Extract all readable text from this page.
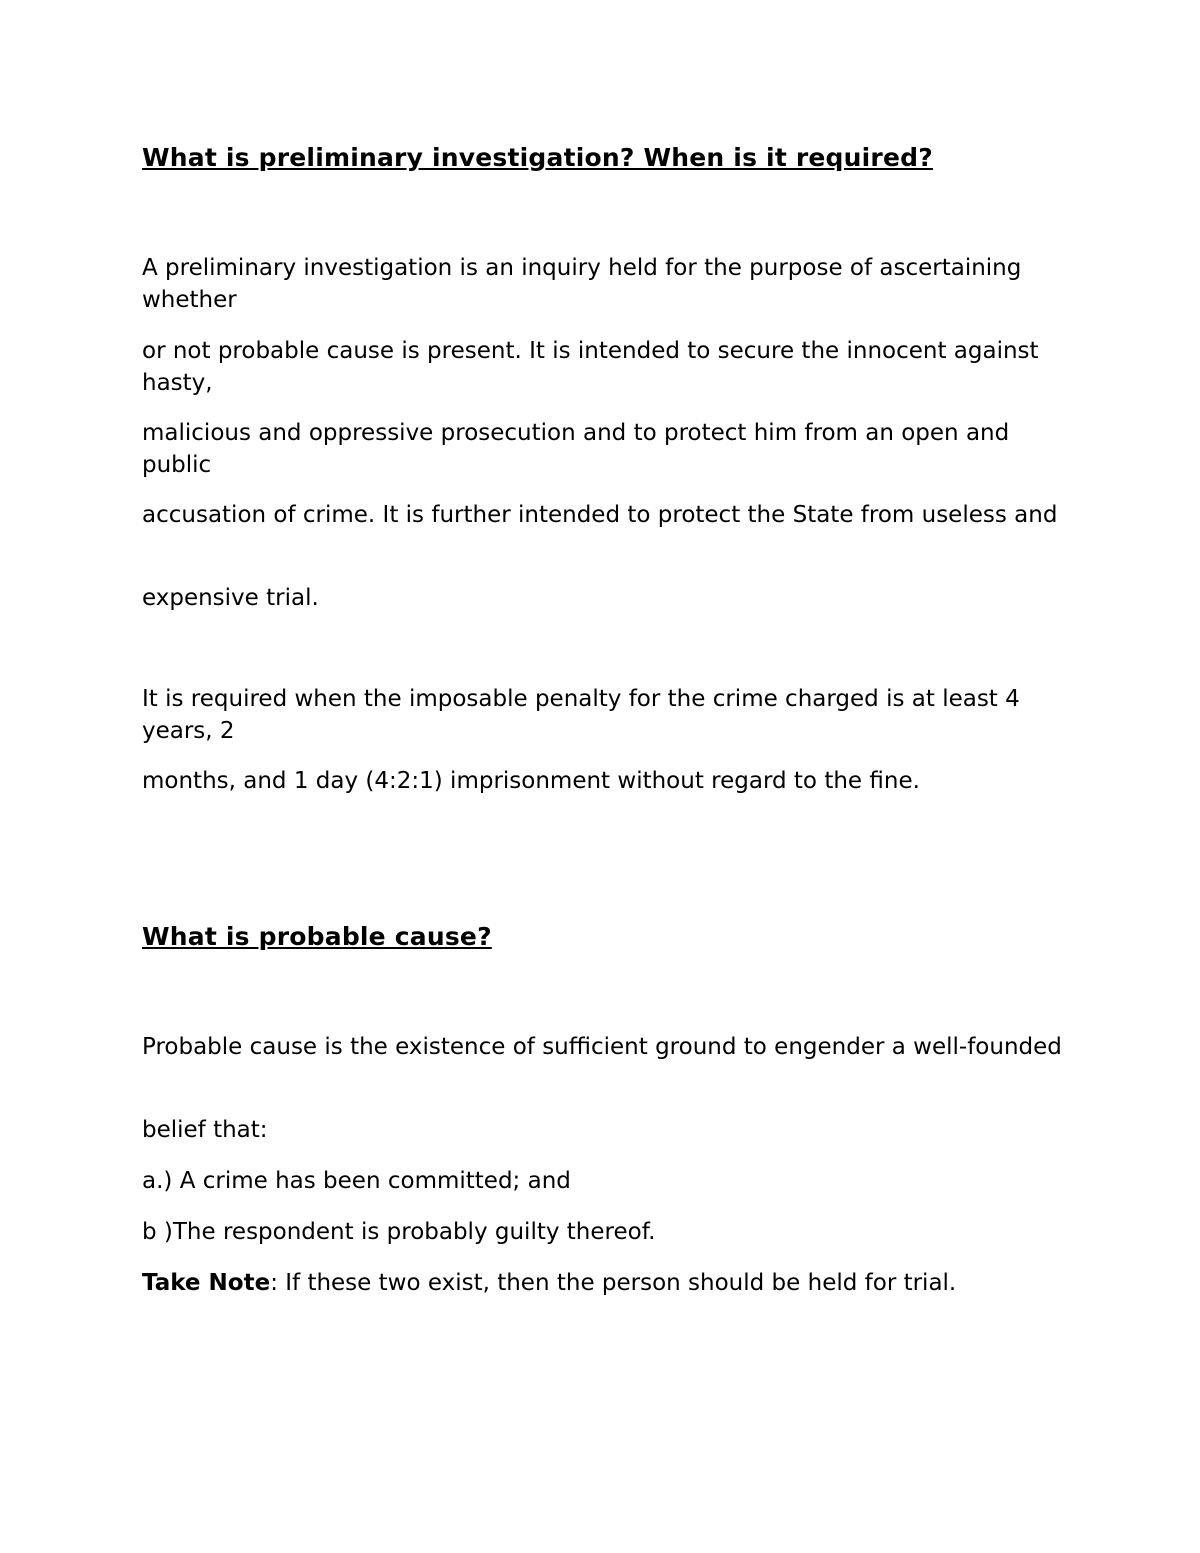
What is preliminary investigation? When is it required?

A preliminary investigation is an inquiry held for the purpose of ascertaining whether

or not probable cause is present. It is intended to secure the innocent against hasty,

malicious and oppressive prosecution and to protect him from an open and public

accusation of crime. It is further intended to protect the State from useless and

expensive trial.

It is required when the imposable penalty for the crime charged is at least 4 years, 2

months, and 1 day (4:2:1) imprisonment without regard to the fine.

What is probable cause?

Probable cause is the existence of sufficient ground to engender a well-founded

belief that:

a.) A crime has been committed; and

b )The respondent is probably guilty thereof.

Take Note: If these two exist, then the person should be held for trial.
